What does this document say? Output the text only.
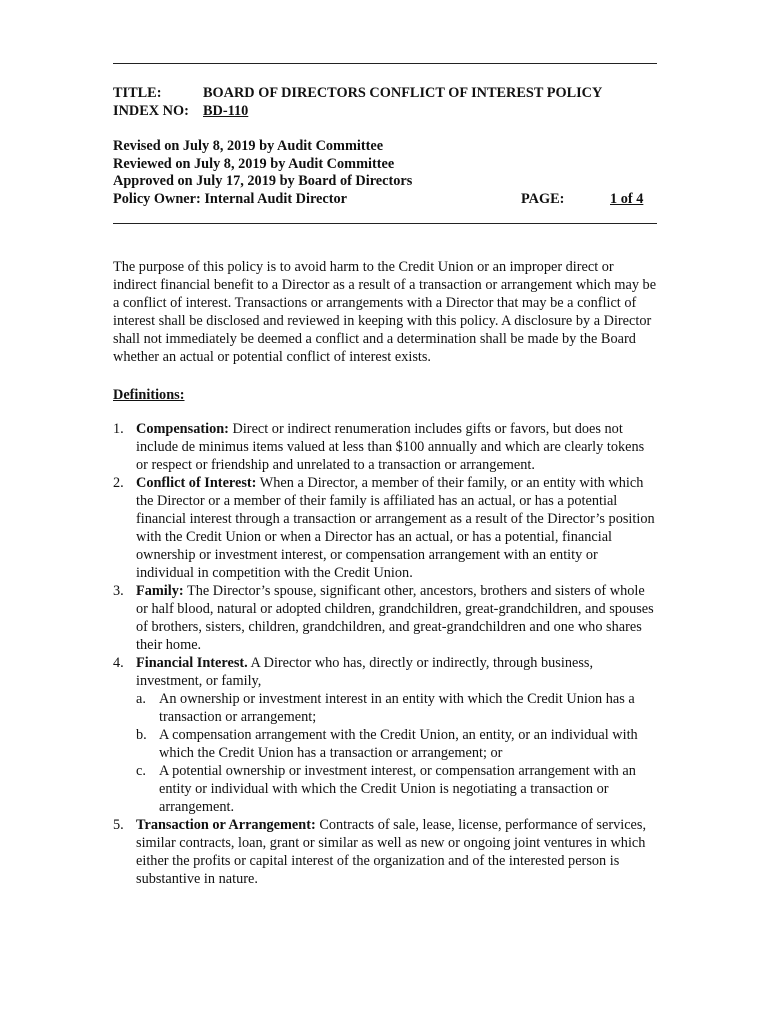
TITLE:	BOARD OF DIRECTORS CONFLICT OF INTEREST POLICY
INDEX NO: BD-110
Revised on July 8, 2019 by Audit Committee
Reviewed on July 8, 2019 by Audit Committee
Approved on July 17, 2019 by Board of Directors
Policy Owner: Internal Audit Director	PAGE:	1 of 4

The purpose of this policy is to avoid harm to the Credit Union or an improper direct or indirect financial benefit to a Director as a result of a transaction or arrangement which may be a conflict of interest. Transactions or arrangements with a Director that may be a conflict of interest shall be disclosed and reviewed in keeping with this policy. A disclosure by a Director shall not immediately be deemed a conflict and a determination shall be made by the Board whether an actual or potential conflict of interest exists.

Definitions:
1. Compensation: Direct or indirect renumeration includes gifts or favors, but does not include de minimus items valued at less than $100 annually and which are clearly tokens or respect or friendship and unrelated to a transaction or arrangement.
2. Conflict of Interest: When a Director, a member of their family, or an entity with which the Director or a member of their family is affiliated has an actual, or has a potential financial interest through a transaction or arrangement as a result of the Director’s position with the Credit Union or when a Director has an actual, or has a potential, financial ownership or investment interest, or compensation arrangement with an entity or individual in competition with the Credit Union.
3. Family: The Director’s spouse, significant other, ancestors, brothers and sisters of whole or half blood, natural or adopted children, grandchildren, great-grandchildren, and spouses of brothers, sisters, children, grandchildren, and great-grandchildren and one who shares their home.
4. Financial Interest. A Director who has, directly or indirectly, through business, investment, or family,
a. An ownership or investment interest in an entity with which the Credit Union has a transaction or arrangement;
b. A compensation arrangement with the Credit Union, an entity, or an individual with which the Credit Union has a transaction or arrangement; or
c. A potential ownership or investment interest, or compensation arrangement with an entity or individual with which the Credit Union is negotiating a transaction or arrangement.
5. Transaction or Arrangement: Contracts of sale, lease, license, performance of services, similar contracts, loan, grant or similar as well as new or ongoing joint ventures in which either the profits or capital interest of the organization and of the interested person is substantive in nature.
